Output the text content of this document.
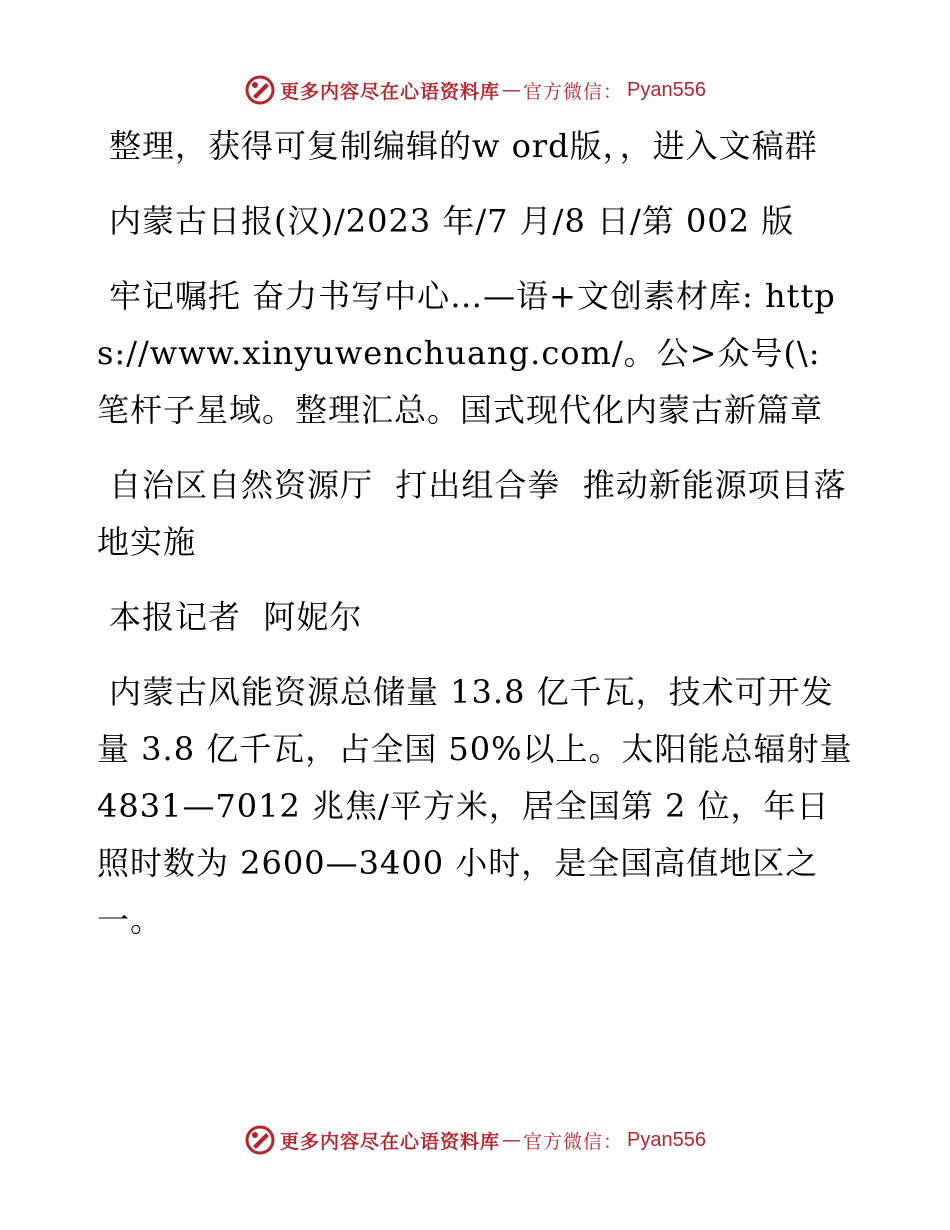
更多内容尽在心语资料库 — 官方微信： Pyan556

整理，获得可复制编辑的w ord版，，进入文稿群

内蒙古日报(汉)/2023 年/7 月/8 日/第 002 版

牢记嘱托 奋力书写中心…—语+文创素材库: https://www.xinyuwenchuang.com/。公>众号(\: 笔杆子星域。整理汇总。国式现代化内蒙古新篇章

自治区自然资源厅  打出组合拳  推动新能源项目落地实施

本报记者  阿妮尔

内蒙古风能资源总储量 13.8 亿千瓦，技术可开发量 3.8 亿千瓦，占全国 50%以上。太阳能总辐射量 4831—7012 兆焦/平方米，居全国第 2 位，年日照时数为 2600—3400 小时，是全国高值地区之一。

更多内容尽在心语资料库 — 官方微信： Pyan556
